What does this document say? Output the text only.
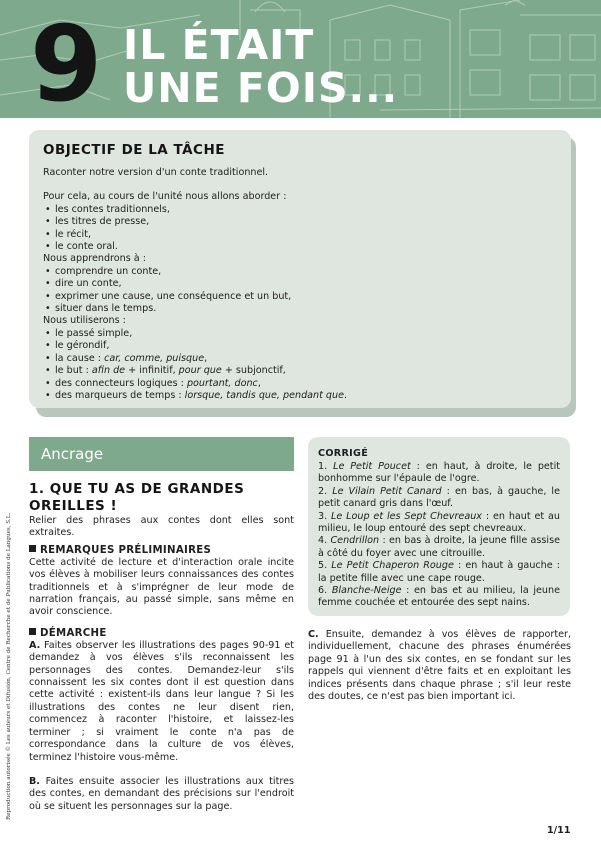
9 IL ÉTAIT
UNE FOIS...
OBJECTIF DE LA TÂCHE

Raconter notre version d'un conte traditionnel.

Pour cela, au cours de l'unité nous allons aborder :

• les contes traditionnels,
• les titres de presse,
• le récit,
• le conte oral.

Nous apprendrons à :

• comprendre un conte,
• dire un conte,
• exprimer une cause, une conséquence et un but,
• situer dans le temps.

Nous utiliserons :

• le passé simple,
• le gérondif,
• la cause : car, comme, puisque,
• le but : afin de + infinitif, pour que + subjonctif,
• des connecteurs logiques : pourtant, donc,
• des marqueurs de temps : lorsque, tandis que, pendant que.
Ancrage
1. QUE TU AS DE GRANDES OREILLES !

Relier des phrases aux contes dont elles sont extraites.

REMARQUES PRÉLIMINAIRES

Cette activité de lecture et d'interaction orale incite vos élèves à mobiliser leurs connaissances des contes traditionnels et à s'imprégner de leur mode de narration français, au passé simple, sans même en avoir conscience.

DÉMARCHE

A. Faites observer les illustrations des pages 90-91 et demandez à vos élèves s'ils reconnaissent les personnages des contes. Demandez-leur s'ils connaissent les six contes dont il est question dans cette activité : existent-ils dans leur langue ? Si les illustrations des contes ne leur disent rien, commencez à raconter l'histoire, et laissez-les terminer ; si vraiment le conte n'a pas de correspondance dans la culture de vos élèves, terminez l'histoire vous-même.

B. Faites ensuite associer les illustrations aux titres des contes, en demandant des précisions sur l'endroit où se situent les personnages sur la page.

CORRIGÉ

1. Le Petit Poucet : en haut, à droite, le petit bonhomme sur l'épaule de l'ogre.

2. Le Vilain Petit Canard : en bas, à gauche, le petit canard gris dans l'œuf.

3. Le Loup et les Sept Chevreaux : en haut et au milieu, le loup entouré des sept chevreaux.

4. Cendrillon : en bas à droite, la jeune fille assise à côté du foyer avec une citrouille.

5. Le Petit Chaperon Rouge : en haut à gauche : la petite fille avec une cape rouge.

6. Blanche-Neige : en bas et au milieu, la jeune femme couchée et entourée des sept nains.

C. Ensuite, demandez à vos élèves de rapporter, individuellement, chacune des phrases énumérées page 91 à l'un des six contes, en se fondant sur les rappels qui viennent d'être faits et en exploitant les indices présents dans chaque phrase ; s'il leur reste des doutes, ce n'est pas bien important ici.

Reproduction autorisée © Les auteurs et Difusión, Centre de Recherche et de Publications de Langues, S.L.
1/11
